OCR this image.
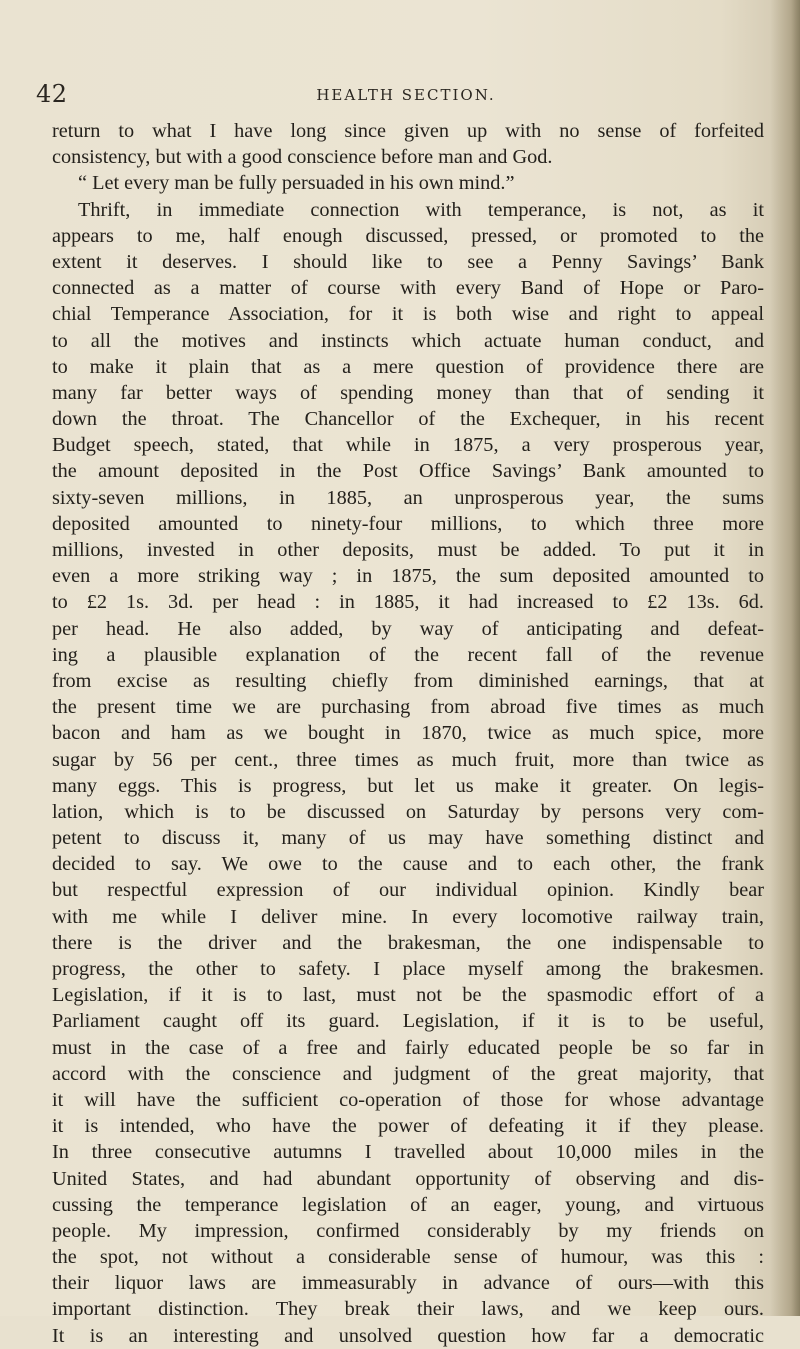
42	HEALTH SECTION.
return to what I have long since given up with no sense of forfeited
consistency, but with a good conscience before man and God.
“ Let every man be fully persuaded in his own mind.”
Thrift, in immediate connection with temperance, is not, as it
appears to me, half enough discussed, pressed, or promoted to the
extent it deserves. I should like to see a Penny Savings’ Bank
connected as a matter of course with every Band of Hope or Paro-
chial Temperance Association, for it is both wise and right to appeal
to all the motives and instincts which actuate human conduct, and
to make it plain that as a mere question of providence there are
many far better ways of spending money than that of sending it
down the throat. The Chancellor of the Exchequer, in his recent
Budget speech, stated, that while in 1875, a very prosperous year,
the amount deposited in the Post Office Savings’ Bank amounted to
sixty-seven millions, in 1885, an unprosperous year, the sums
deposited amounted to ninety-four millions, to which three more
millions, invested in other deposits, must be added. To put it in
even a more striking way ; in 1875, the sum deposited amounted to
to £2 1s. 3d. per head : in 1885, it had increased to £2 13s. 6d.
per head. He also added, by way of anticipating and defeat-
ing a plausible explanation of the recent fall of the revenue
from excise as resulting chiefly from diminished earnings, that at
the present time we are purchasing from abroad five times as much
bacon and ham as we bought in 1870, twice as much spice, more
sugar by 56 per cent., three times as much fruit, more than twice as
many eggs. This is progress, but let us make it greater. On legis-
lation, which is to be discussed on Saturday by persons very com-
petent to discuss it, many of us may have something distinct and
decided to say. We owe to the cause and to each other, the frank
but respectful expression of our individual opinion. Kindly bear
with me while I deliver mine. In every locomotive railway train,
there is the driver and the brakesman, the one indispensable to
progress, the other to safety. I place myself among the brakesmen.
Legislation, if it is to last, must not be the spasmodic effort of a
Parliament caught off its guard. Legislation, if it is to be useful,
must in the case of a free and fairly educated people be so far in
accord with the conscience and judgment of the great majority, that
it will have the sufficient co-operation of those for whose advantage
it is intended, who have the power of defeating it if they please.
In three consecutive autumns I travelled about 10,000 miles in the
United States, and had abundant opportunity of observing and dis-
cussing the temperance legislation of an eager, young, and virtuous
people. My impression, confirmed considerably by my friends on
the spot, not without a considerable sense of humour, was this :
their liquor laws are immeasurably in advance of ours—with this
important distinction. They break their laws, and we keep ours.
It is an interesting and unsolved question how far a democratic
